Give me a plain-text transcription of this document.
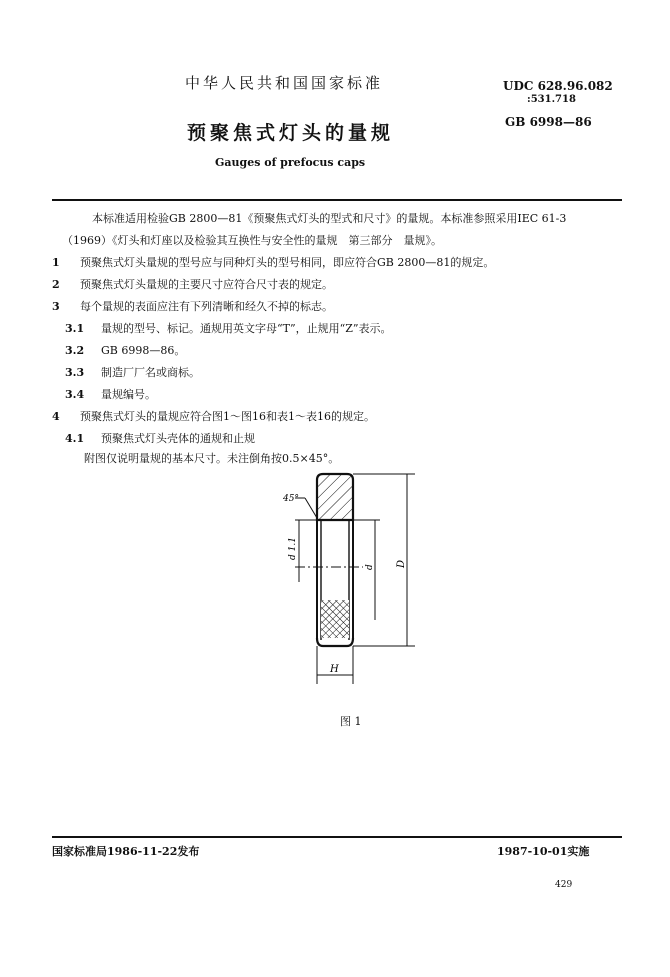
中华人民共和国国家标准	UDC 628.96.082
:531.718
预聚焦式灯头的量规	GB 6998—86
Gauges of prefocus caps
本标准适用检验GB 2800—81《预聚焦式灯头的型式和尺寸》的量规。本标准参照采用IEC 61-3
（1969）《灯头和灯座以及检验其互换性与安全性的量规　第三部分　量规》。
1 预聚焦式灯头量规的型号应与同种灯头的型号相同，即应符合GB 2800—81的规定。
2 预聚焦式灯头量规的主要尺寸应符合尺寸表的规定。
3 每个量规的表面应注有下列清晰和经久不掉的标志。
3.1 量规的型号、标记。通规用英文字母“T”，止规用“Z”表示。
3.2 GB 6998—86。
3.3 制造厂厂名或商标。
3.4 量规编号。
4 预聚焦式灯头的量规应符合图1～图16和表1～表16的规定。
4.1 预聚焦式灯头壳体的通规和止规
附图仅说明量规的基本尺寸。未注倒角按0.5×45°。
45°
d 1.1
d D
H
图 1
国家标准局1986-11-22发布	1987-10-01实施
429
